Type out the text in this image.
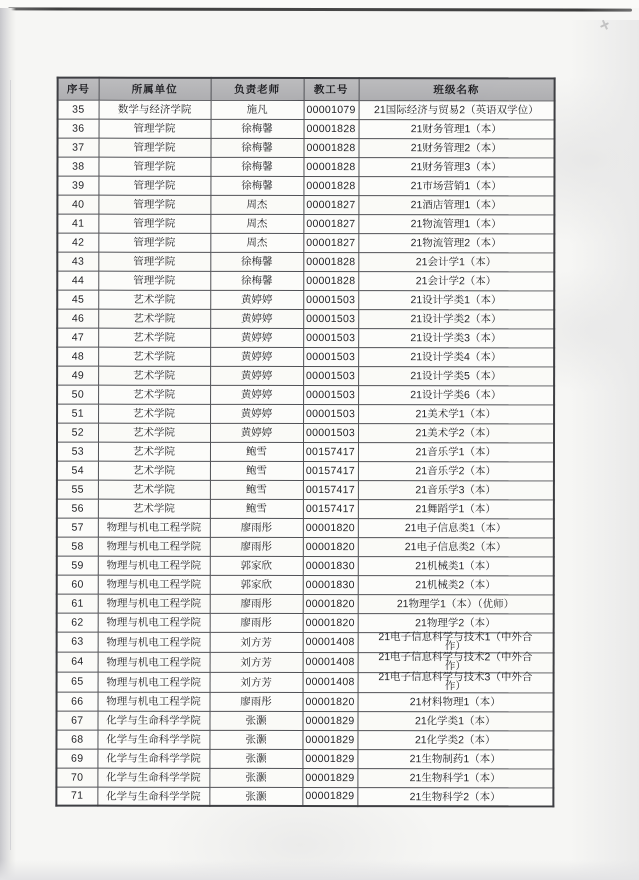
序号	所属单位	负责老师	教工号	班级名称
35	数学与经济学院	施凡	00001079	21国际经济与贸易2（英语双学位）
36	管理学院	徐梅馨	00001828	21财务管理1（本）
37	管理学院	徐梅馨	00001828	21财务管理2（本）
38	管理学院	徐梅馨	00001828	21财务管理3（本）
39	管理学院	徐梅馨	00001828	21市场营销1（本）
40	管理学院	周杰	00001827	21酒店管理1（本）
41	管理学院	周杰	00001827	21物流管理1（本）
42	管理学院	周杰	00001827	21物流管理2（本）
43	管理学院	徐梅馨	00001828	21会计学1（本）
44	管理学院	徐梅馨	00001828	21会计学2（本）
45	艺术学院	黄婷婷	00001503	21设计学类1（本）
46	艺术学院	黄婷婷	00001503	21设计学类2（本）
47	艺术学院	黄婷婷	00001503	21设计学类3（本）
48	艺术学院	黄婷婷	00001503	21设计学类4（本）
49	艺术学院	黄婷婷	00001503	21设计学类5（本）
50	艺术学院	黄婷婷	00001503	21设计学类6（本）
51	艺术学院	黄婷婷	00001503	21美术学1（本）
52	艺术学院	黄婷婷	00001503	21美术学2（本）
53	艺术学院	鲍雪	00157417	21音乐学1（本）
54	艺术学院	鲍雪	00157417	21音乐学2（本）
55	艺术学院	鲍雪	00157417	21音乐学3（本）
56	艺术学院	鲍雪	00157417	21舞蹈学1（本）
57	物理与机电工程学院	廖雨彤	00001820	21电子信息类1（本）
58	物理与机电工程学院	廖雨彤	00001820	21电子信息类2（本）
59	物理与机电工程学院	郭家欣	00001830	21机械类1（本）
60	物理与机电工程学院	郭家欣	00001830	21机械类2（本）
61	物理与机电工程学院	廖雨彤	00001820	21物理学1（本）（优师）
62	物理与机电工程学院	廖雨彤	00001820	21物理学2（本）
63	物理与机电工程学院	刘方芳	00001408	21电子信息科学与技术1（中外合
作）

64	物理与机电工程学院	刘方芳	00001408	21电子信息科学与技术2（中外合
作）

65	物理与机电工程学院	刘方芳	00001408	21电子信息科学与技术3（中外合
作）

66	物理与机电工程学院	廖雨彤	00001820	21材料物理1（本）
67	化学与生命科学学院	张灏	00001829	21化学类1（本）
68	化学与生命科学学院	张灏	00001829	21化学类2（本）
69	化学与生命科学学院	张灏	00001829	21生物制药1（本）
70	化学与生命科学学院	张灏	00001829	21生物科学1（本）
71	化学与生命科学学院	张灏	00001829	21生物科学2（本）
